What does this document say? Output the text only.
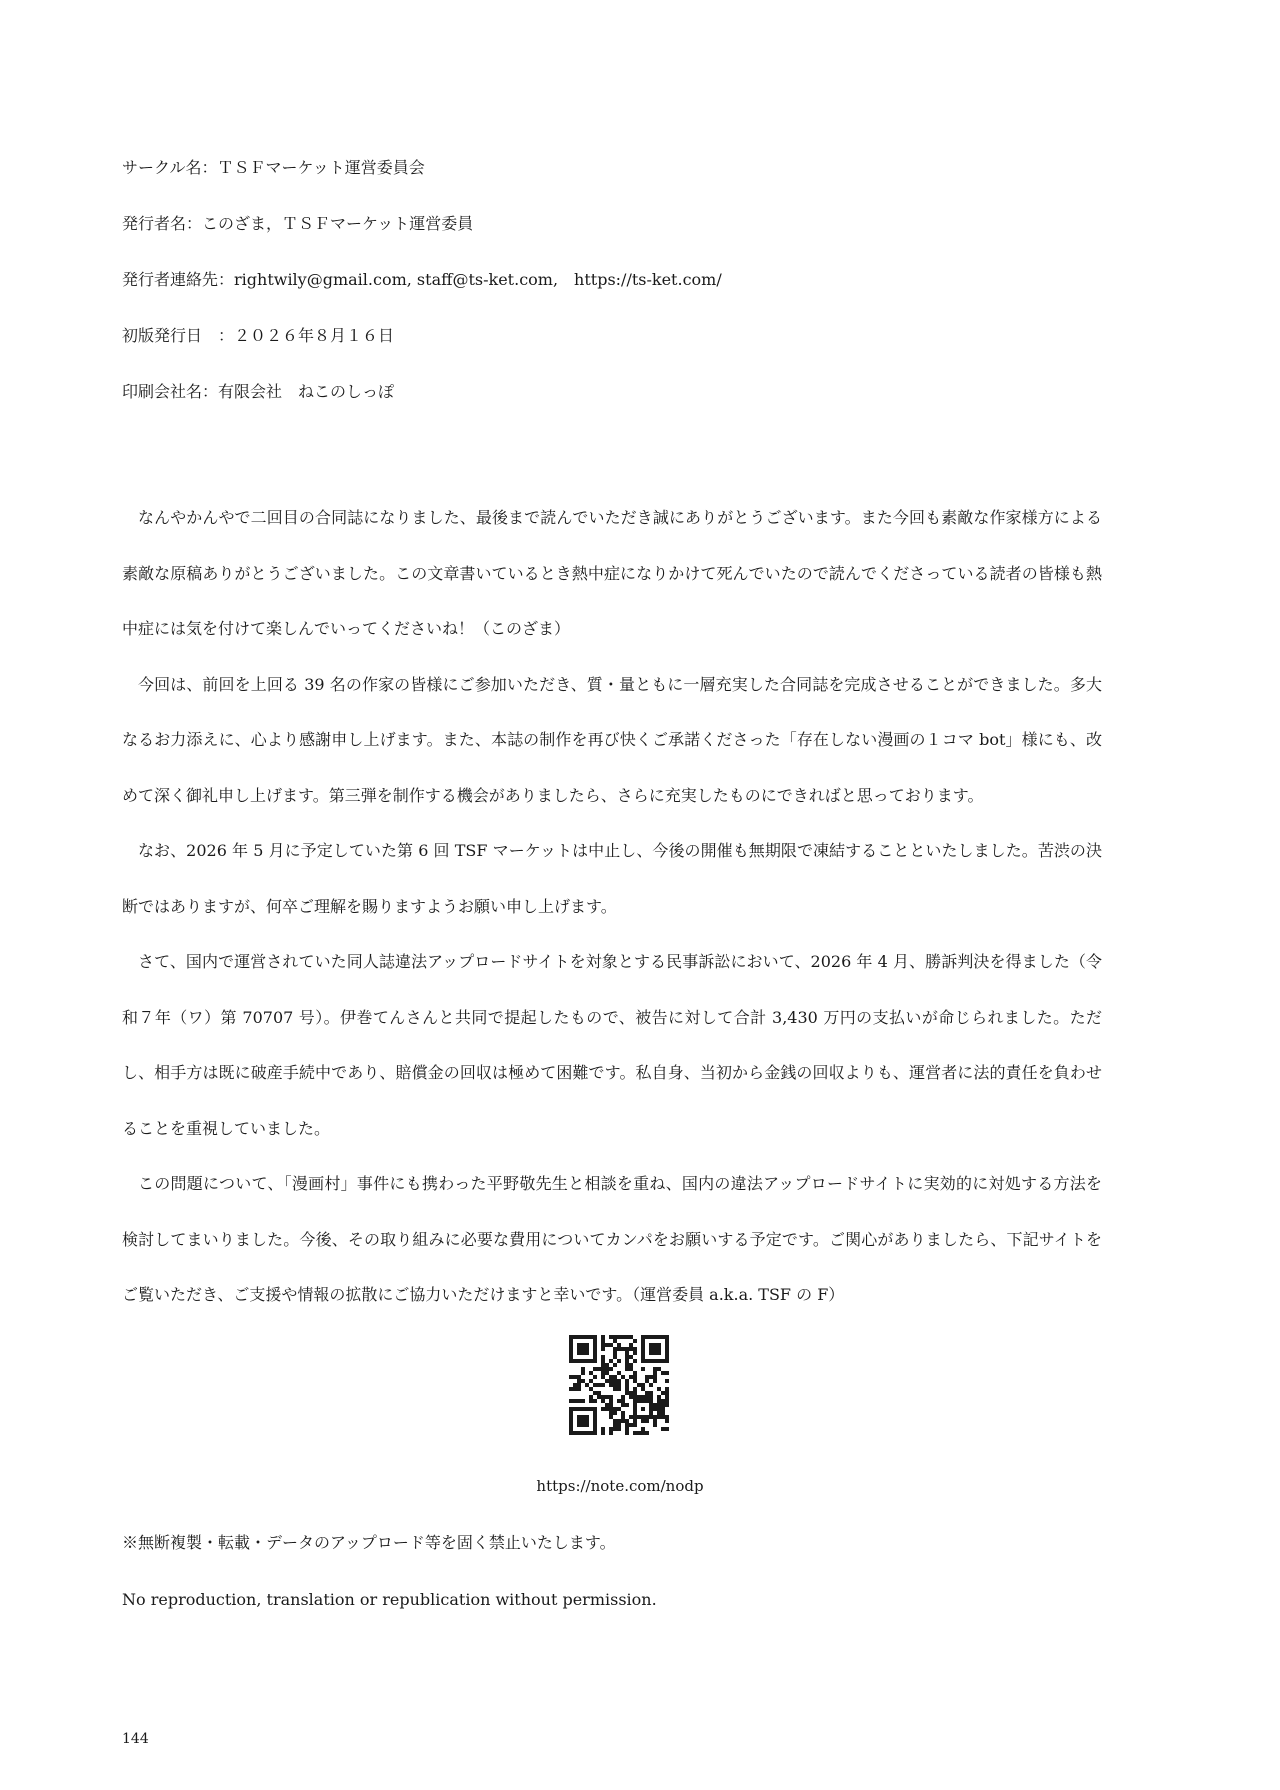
サークル名：ＴＳＦマーケット運営委員会
発行者名：このざま，ＴＳＦマーケット運営委員
発行者連絡先：rightwily@gmail.com, staff@ts-ket.com,　https://ts-ket.com/
初版発行日　：２０２６年８月１６日
印刷会社名：有限会社　ねこのしっぽ

なんやかんやで二回目の合同誌になりました、最後まで読んでいただき誠にありがとうございます。また今回も素敵な作家様方による素敵な原稿ありがとうございました。この文章書いているとき熱中症になりかけて死んでいたので読んでくださっている読者の皆様も熱中症には気を付けて楽しんでいってくださいね！（このざま）

今回は、前回を上回る 39 名の作家の皆様にご参加いただき、質・量ともに一層充実した合同誌を完成させることができました。多大なるお力添えに、心より感謝申し上げます。また、本誌の制作を再び快くご承諾くださった「存在しない漫画の１コマ bot」様にも、改めて深く御礼申し上げます。第三弾を制作する機会がありましたら、さらに充実したものにできればと思っております。

なお、2026 年 5 月に予定していた第 6 回 TSF マーケットは中止し、今後の開催も無期限で凍結することといたしました。苦渋の決断ではありますが、何卒ご理解を賜りますようお願い申し上げます。

さて、国内で運営されていた同人誌違法アップロードサイトを対象とする民事訴訟において、2026 年 4 月、勝訴判決を得ました（令和７年（ワ）第 70707 号）。伊巻てんさんと共同で提起したもので、被告に対して合計 3,430 万円の支払いが命じられました。ただし、相手方は既に破産手続中であり、賠償金の回収は極めて困難です。私自身、当初から金銭の回収よりも、運営者に法的責任を負わせることを重視していました。

この問題について、「漫画村」事件にも携わった平野敬先生と相談を重ね、国内の違法アップロードサイトに実効的に対処する方法を検討してまいりました。今後、その取り組みに必要な費用についてカンパをお願いする予定です。ご関心がありましたら、下記サイトをご覧いただき、ご支援や情報の拡散にご協力いただけますと幸いです。（運営委員 a.k.a. TSF の F）

https://note.com/nodp
※無断複製・転載・データのアップロード等を固く禁止いたします。
No reproduction, translation or republication without permission.
144
